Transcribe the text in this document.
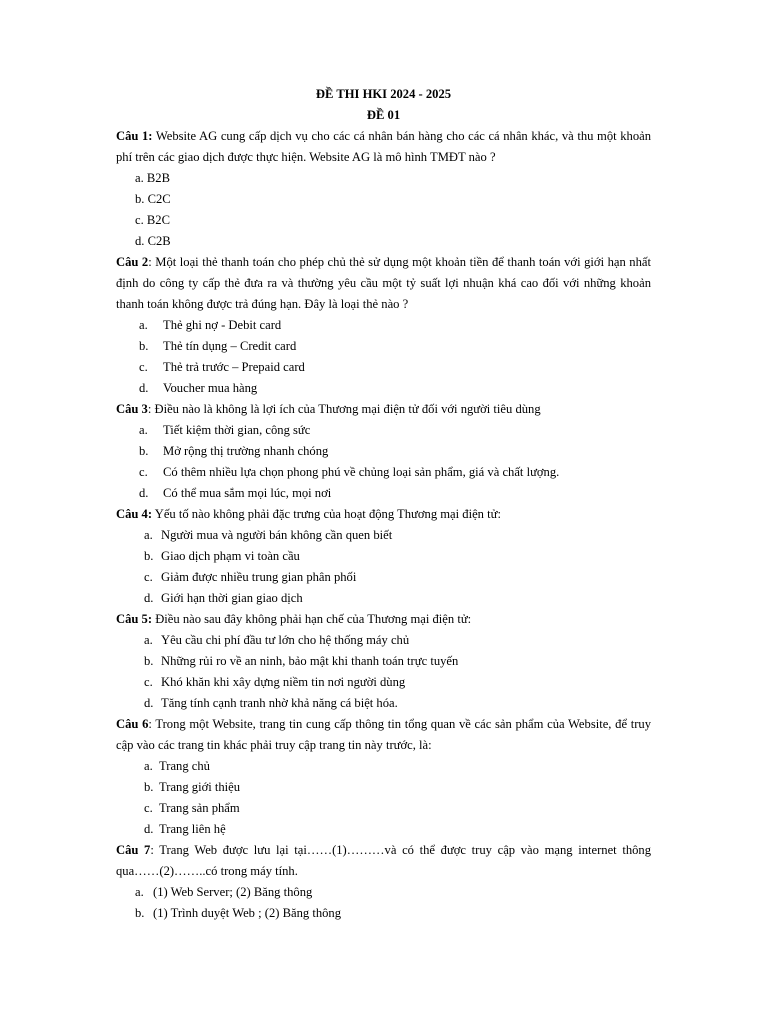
ĐỀ THI HKI 2024 - 2025
ĐỀ 01
Câu 1: Website AG cung cấp dịch vụ cho các cá nhân bán hàng cho các cá nhân khác, và thu một khoản phí trên các giao dịch được thực hiện. Website AG là mô hình TMĐT nào ?
a. B2B
b. C2C
c. B2C
d. C2B
Câu 2: Một loại thẻ thanh toán cho phép chủ thẻ sử dụng một khoản tiền để thanh toán với giới hạn nhất định do công ty cấp thẻ đưa ra và thường yêu cầu một tỷ suất lợi nhuận khá cao đối với những khoản thanh toán không được trả đúng hạn. Đây là loại thẻ nào ?
a. Thẻ ghi nợ - Debit card
b. Thẻ tín dụng – Credit card
c. Thẻ trả trước – Prepaid card
d. Voucher mua hàng
Câu 3: Điều nào là không là lợi ích của Thương mại điện tử đối với người tiêu dùng
a. Tiết kiệm thời gian, công sức
b. Mở rộng thị trường nhanh chóng
c. Có thêm nhiều lựa chọn phong phú về chủng loại sản phẩm, giá và chất lượng.
d. Có thể mua sắm mọi lúc, mọi nơi
Câu 4: Yếu tố nào không phải đặc trưng của hoạt động Thương mại điện tử:
a. Người mua và người bán không cần quen biết
b. Giao dịch phạm vi toàn cầu
c. Giảm được nhiều trung gian phân phối
d. Giới hạn thời gian giao dịch
Câu 5: Điều nào sau đây không phải hạn chế của Thương mại điện tử:
a. Yêu cầu chi phí đầu tư lớn cho hệ thống máy chủ
b. Những rủi ro về an ninh, bảo mật khi thanh toán trực tuyến
c. Khó khăn khi xây dựng niềm tin nơi người dùng
d. Tăng tính cạnh tranh nhờ khả năng cá biệt hóa.
Câu 6: Trong một Website, trang tin cung cấp thông tin tổng quan về các sản phẩm của Website, để truy cập vào các trang tin khác phải truy cập trang tin này trước, là:
a. Trang chủ
b. Trang giới thiệu
c. Trang sản phẩm
d. Trang liên hệ
Câu 7: Trang Web được lưu lại tại……(1)………và có thể được truy cập vào mạng internet thông qua……(2)……..có trong máy tính.
a. (1) Web Server; (2) Băng thông
b. (1) Trình duyệt Web ; (2) Băng thông
